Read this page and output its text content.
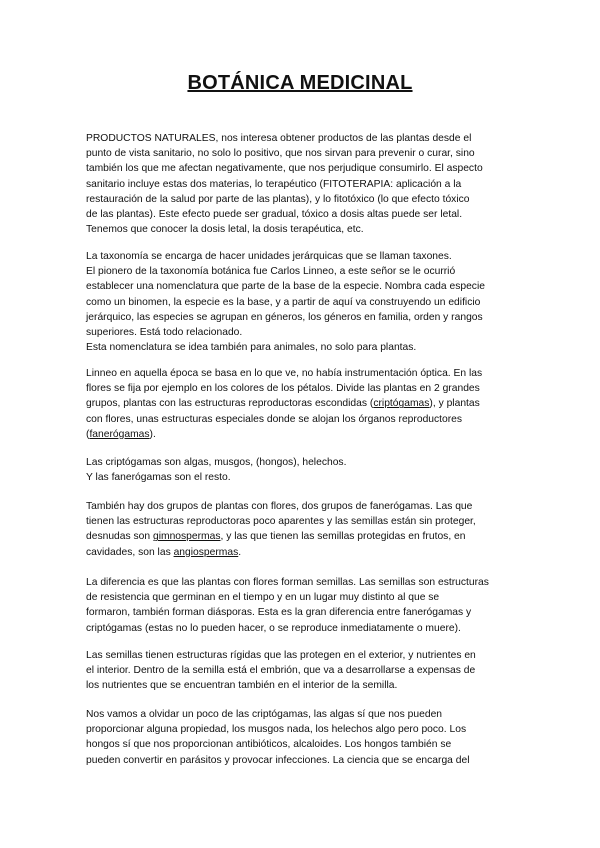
BOTÁNICA MEDICINAL
PRODUCTOS NATURALES, nos interesa obtener productos de las plantas desde el
punto de vista sanitario, no solo lo positivo, que nos sirvan para prevenir o curar, sino
también los que me afectan negativamente, que nos perjudique consumirlo. El aspecto
sanitario incluye estas dos materias, lo terapéutico (FITOTERAPIA: aplicación a la
restauración de la salud por parte de las plantas), y lo fitotóxico (lo que efecto tóxico
de las plantas). Este efecto puede ser gradual, tóxico a dosis altas puede ser letal.
Tenemos que conocer la dosis letal, la dosis terapéutica, etc.
La taxonomía se encarga de hacer unidades jerárquicas que se llaman taxones.
El pionero de la taxonomía botánica fue Carlos Linneo, a este señor se le ocurrió
establecer una nomenclatura que parte de la base de la especie. Nombra cada especie
como un binomen, la especie es la base, y a partir de aquí va construyendo un edificio
jerárquico, las especies se agrupan en géneros, los géneros en familia, orden y rangos
superiores. Está todo relacionado.
Esta nomenclatura se idea también para animales, no solo para plantas.
Linneo en aquella época se basa en lo que ve, no había instrumentación óptica. En las
flores se fija por ejemplo en los colores de los pétalos. Divide las plantas en 2 grandes
grupos, plantas con las estructuras reproductoras escondidas (criptógamas), y plantas
con flores, unas estructuras especiales donde se alojan los órganos reproductores
(fanerógamas).
Las criptógamas son algas, musgos, (hongos), helechos.
Y las fanerógamas son el resto.
También hay dos grupos de plantas con flores, dos grupos de fanerógamas. Las que
tienen las estructuras reproductoras poco aparentes y las semillas están sin proteger,
desnudas son gimnospermas, y las que tienen las semillas protegidas en frutos, en
cavidades, son las angiospermas.
La diferencia es que las plantas con flores forman semillas. Las semillas son estructuras
de resistencia que germinan en el tiempo y en un lugar muy distinto al que se
formaron, también forman diásporas. Esta es la gran diferencia entre fanerógamas y
criptógamas (estas no lo pueden hacer, o se reproduce inmediatamente o muere).
Las semillas tienen estructuras rígidas que las protegen en el exterior, y nutrientes en
el interior. Dentro de la semilla está el embrión, que va a desarrollarse a expensas de
los nutrientes que se encuentran también en el interior de la semilla.
Nos vamos a olvidar un poco de las criptógamas, las algas sí que nos pueden
proporcionar alguna propiedad, los musgos nada, los helechos algo pero poco. Los
hongos sí que nos proporcionan antibióticos, alcaloides. Los hongos también se
pueden convertir en parásitos y provocar infecciones. La ciencia que se encarga del
